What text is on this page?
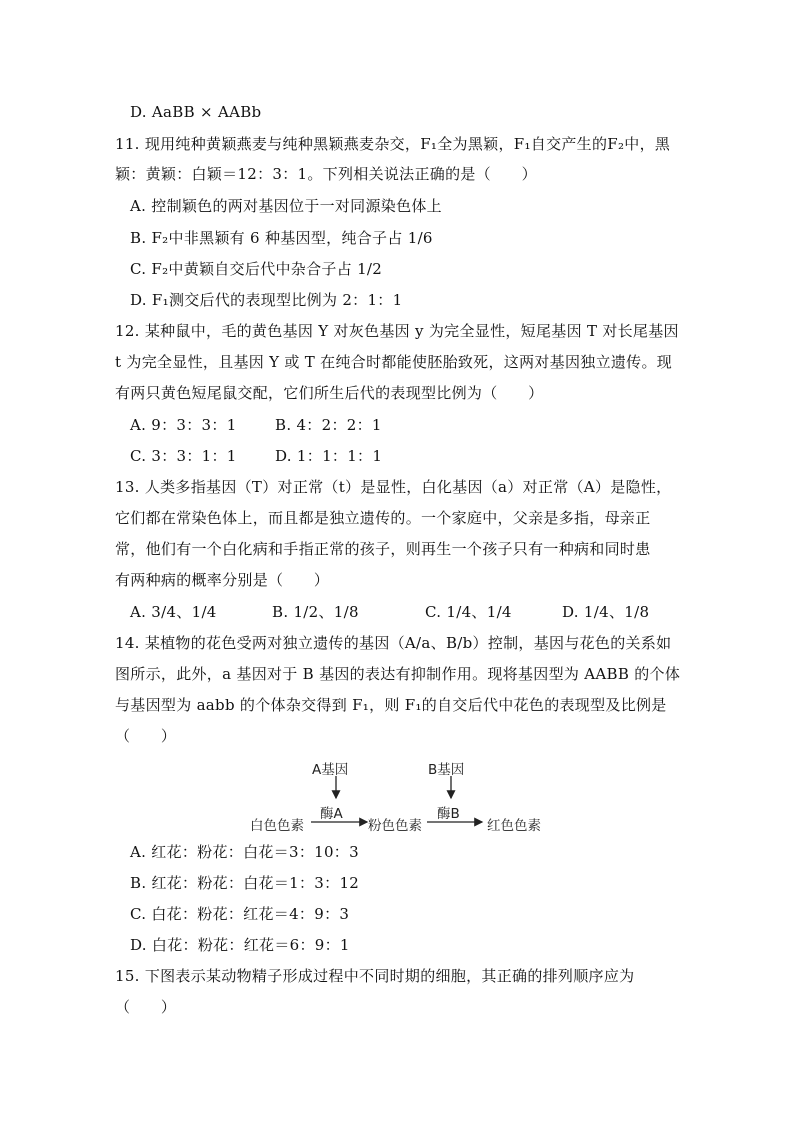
D. AaBB × AABb
11. 现用纯种黄颖燕麦与纯种黑颖燕麦杂交，F₁全为黑颖，F₁自交产生的F₂中，黑
颖：黄颖：白颖＝12：3：1。下列相关说法正确的是（　　）
A. 控制颖色的两对基因位于一对同源染色体上
B. F₂中非黑颖有 6 种基因型，纯合子占 1/6
C. F₂中黄颖自交后代中杂合子占 1/2
D. F₁测交后代的表现型比例为 2：1：1
12. 某种鼠中，毛的黄色基因 Y 对灰色基因 y 为完全显性，短尾基因 T 对长尾基因
t 为完全显性，且基因 Y 或 T 在纯合时都能使胚胎致死，这两对基因独立遗传。现
有两只黄色短尾鼠交配，它们所生后代的表现型比例为（　　）
A. 9：3：3：1	B. 4：2：2：1
C. 3：3：1：1	D. 1：1：1：1
13. 人类多指基因（T）对正常（t）是显性，白化基因（a）对正常（A）是隐性，
它们都在常染色体上，而且都是独立遗传的。一个家庭中，父亲是多指，母亲正
常，他们有一个白化病和手指正常的孩子，则再生一个孩子只有一种病和同时患
有两种病的概率分别是（　　）
A. 3/4、1/4	B. 1/2、1/8	C. 1/4、1/4	D. 1/4、1/8
14. 某植物的花色受两对独立遗传的基因（A/a、B/b）控制，基因与花色的关系如
图所示，此外，a 基因对于 B 基因的表达有抑制作用。现将基因型为 AABB 的个体
与基因型为 aabb 的个体杂交得到 F₁，则 F₁的自交后代中花色的表现型及比例是
（　　）
A基因	B基因
酶A	酶B
白色色素	粉色色素	红色色素
A. 红花：粉花：白花＝3：10：3
B. 红花：粉花：白花＝1：3：12
C. 白花：粉花：红花＝4：9：3
D. 白花：粉花：红花＝6：9：1
15. 下图表示某动物精子形成过程中不同时期的细胞，其正确的排列顺序应为
（　　）
